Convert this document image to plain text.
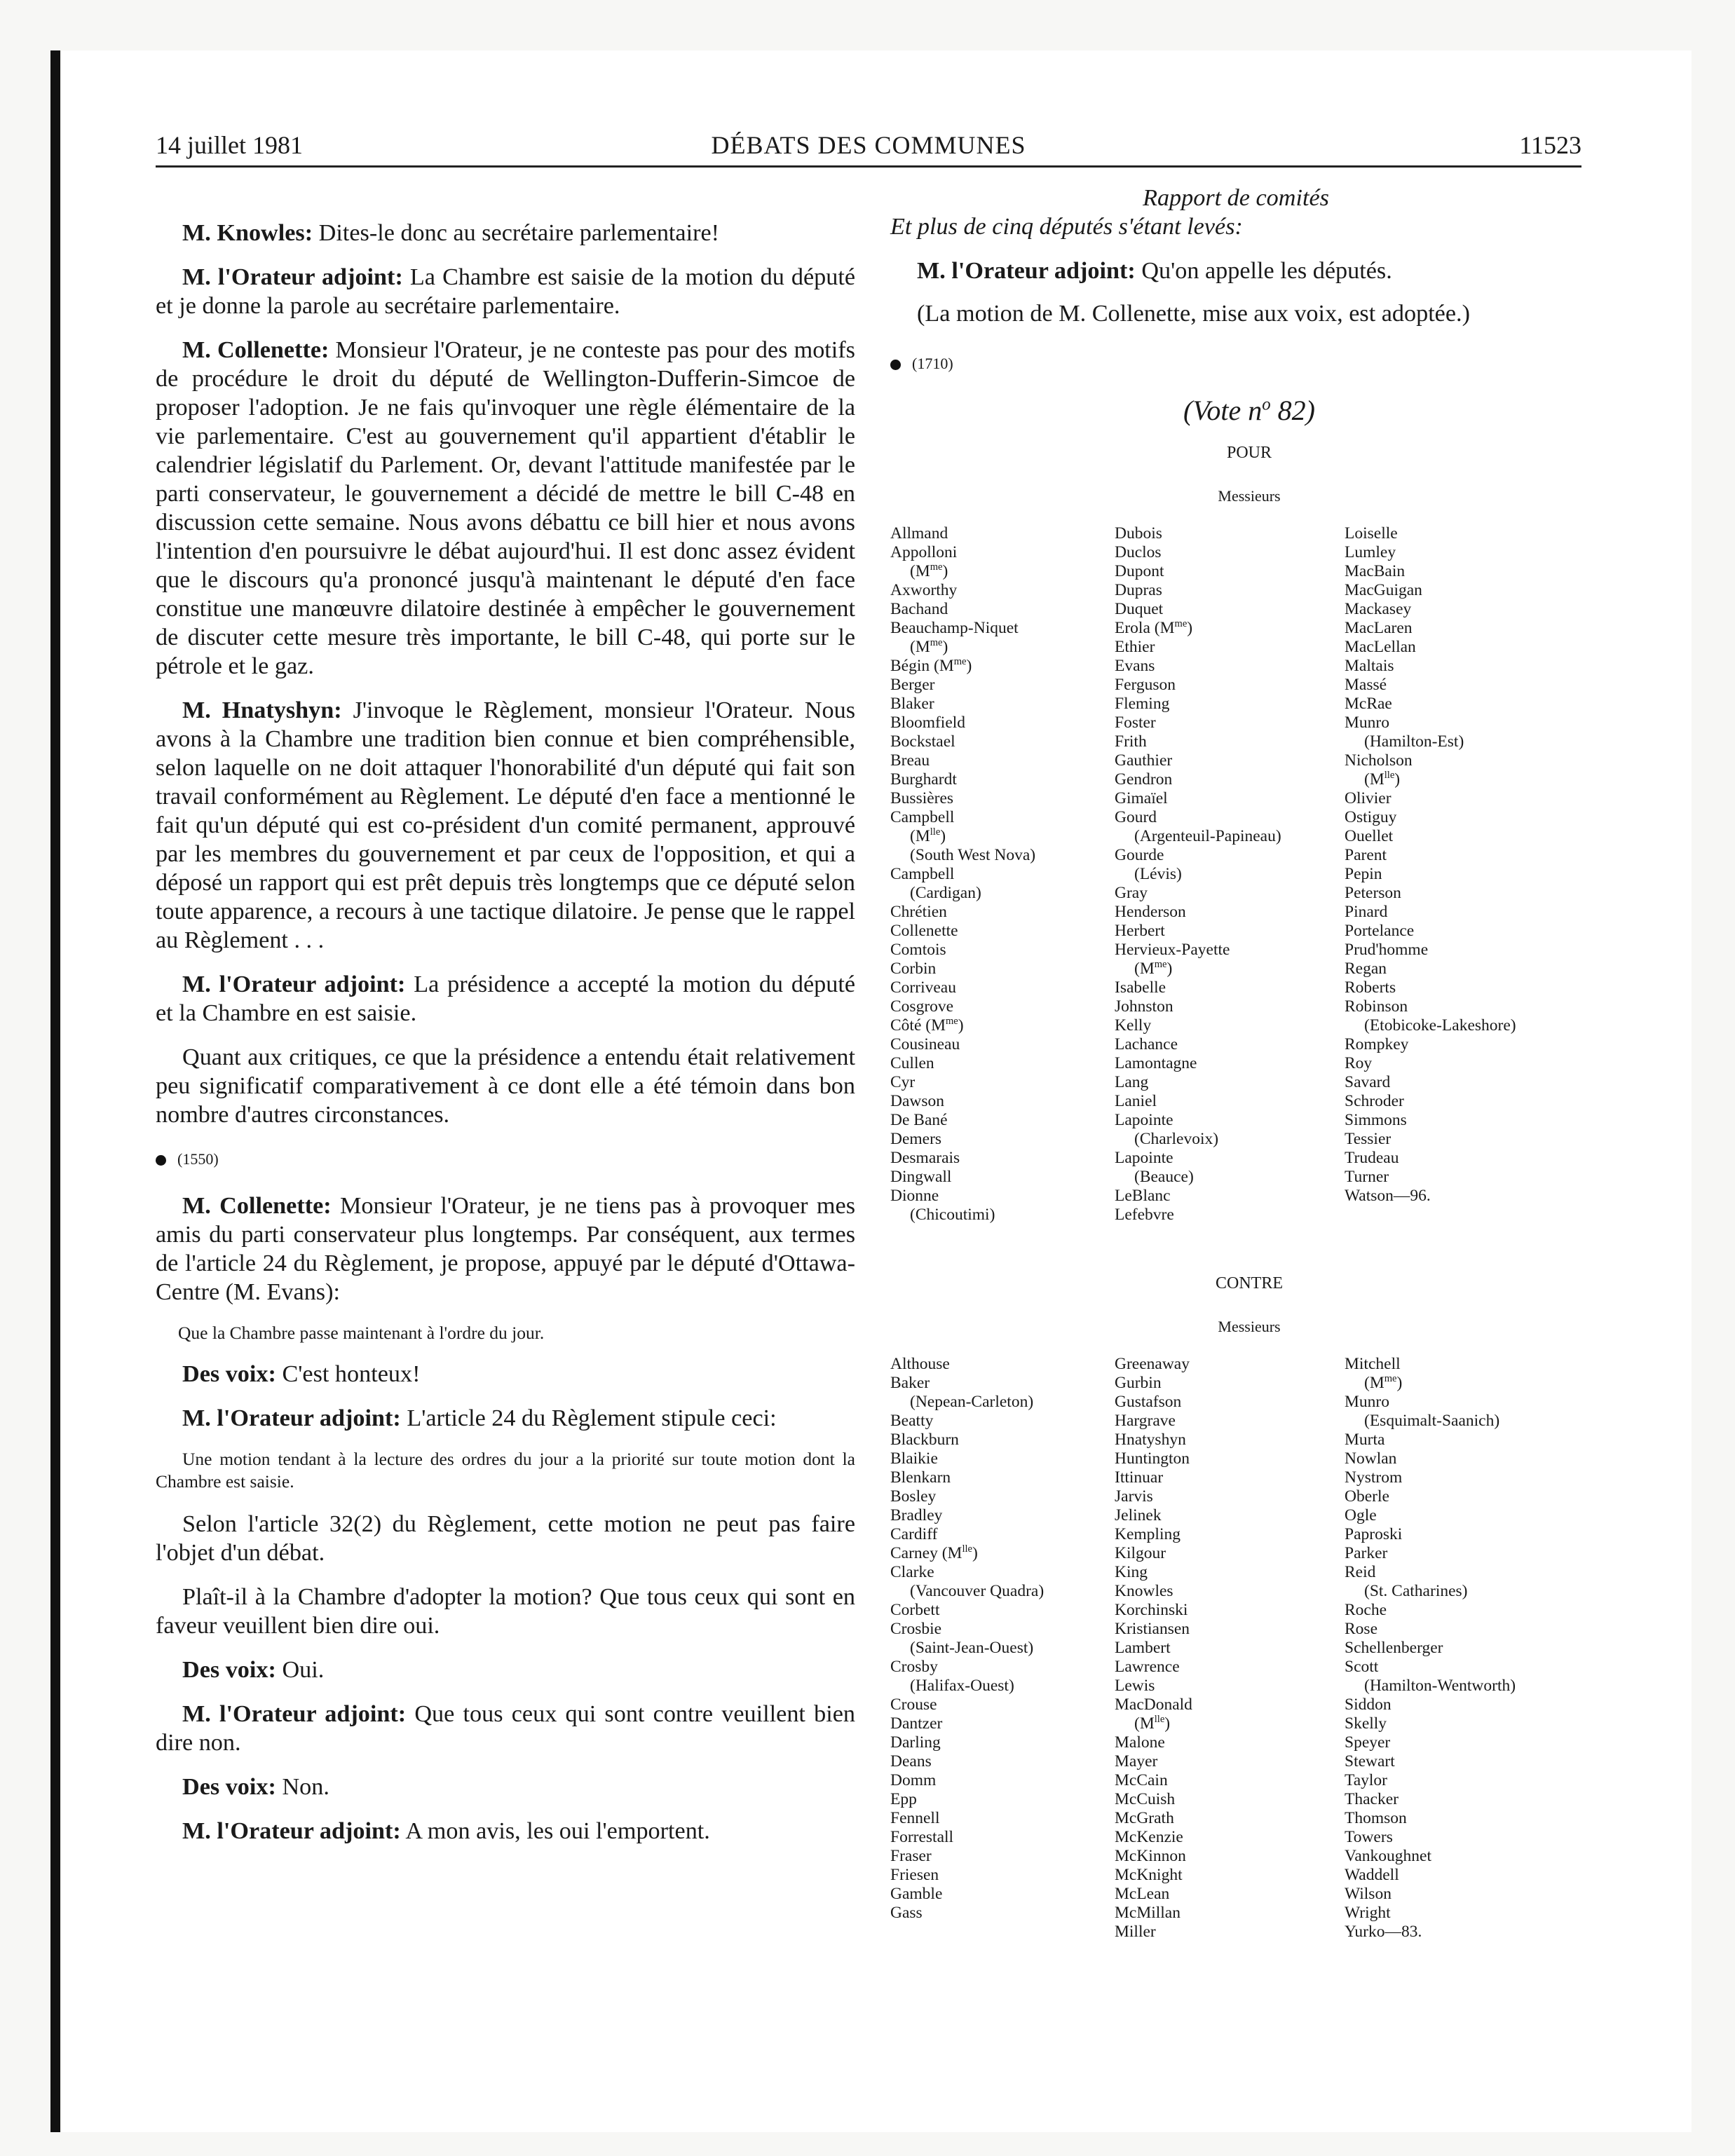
14 juillet 1981	DÉBATS DES COMMUNES	11523

M. Knowles: Dites-le donc au secrétaire parlementaire!

M. l'Orateur adjoint: La Chambre est saisie de la motion du député et je donne la parole au secrétaire parlementaire.

M. Collenette: Monsieur l'Orateur, je ne conteste pas pour des motifs de procédure le droit du député de Wellington-Dufferin-Simcoe de proposer l'adoption. Je ne fais qu'invoquer une règle élémentaire de la vie parlementaire. C'est au gouvernement qu'il appartient d'établir le calendrier législatif du Parlement. Or, devant l'attitude manifestée par le parti conservateur, le gouvernement a décidé de mettre le bill C-48 en discussion cette semaine. Nous avons débattu ce bill hier et nous avons l'intention d'en poursuivre le débat aujourd'hui. Il est donc assez évident que le discours qu'a prononcé jusqu'à maintenant le député d'en face constitue une manœuvre dilatoire destinée à empêcher le gouvernement de discuter cette mesure très importante, le bill C-48, qui porte sur le pétrole et le gaz.

M. Hnatyshyn: J'invoque le Règlement, monsieur l'Orateur. Nous avons à la Chambre une tradition bien connue et bien compréhensible, selon laquelle on ne doit attaquer l'honorabilité d'un député qui fait son travail conformément au Règlement. Le député d'en face a mentionné le fait qu'un député qui est co-président d'un comité permanent, approuvé par les membres du gouvernement et par ceux de l'opposition, et qui a déposé un rapport qui est prêt depuis très longtemps que ce député selon toute apparence, a recours à une tactique dilatoire. Je pense que le rappel au Règlement . . .

M. l'Orateur adjoint: La présidence a accepté la motion du député et la Chambre en est saisie.

Quant aux critiques, ce que la présidence a entendu était relativement peu significatif comparativement à ce dont elle a été témoin dans bon nombre d'autres circonstances.

(1550)

M. Collenette: Monsieur l'Orateur, je ne tiens pas à provoquer mes amis du parti conservateur plus longtemps. Par conséquent, aux termes de l'article 24 du Règlement, je propose, appuyé par le député d'Ottawa-Centre (M. Evans):

Que la Chambre passe maintenant à l'ordre du jour.

Des voix: C'est honteux!

M. l'Orateur adjoint: L'article 24 du Règlement stipule ceci:

Une motion tendant à la lecture des ordres du jour a la priorité sur toute motion dont la Chambre est saisie.

Selon l'article 32(2) du Règlement, cette motion ne peut pas faire l'objet d'un débat.

Plaît-il à la Chambre d'adopter la motion? Que tous ceux qui sont en faveur veuillent bien dire oui.

Des voix: Oui.

M. l'Orateur adjoint: Que tous ceux qui sont contre veuillent bien dire non.

Des voix: Non.

M. l'Orateur adjoint: A mon avis, les oui l'emportent.

Rapport de comités

Et plus de cinq députés s'étant levés:

M. l'Orateur adjoint: Qu'on appelle les députés.

(La motion de M. Collenette, mise aux voix, est adoptée.)

(1710)

(Vote $n^o$ 82)

POUR

Messieurs

Allmand
Appolloni
$(M^{me})$
Axworthy
Bachand
Beauchamp-Niquet
$(M^{me})$
Bégin $(M^{me})$
Berger
Blaker
Bloomfield
Bockstael
Breau
Burghardt
Bussières
Campbell
$(M^{lle})$
(South West Nova)
Campbell
(Cardigan)
Chrétien
Collenette
Comtois
Corbin
Corriveau
Cosgrove
Côté $(M^{me})$
Cousineau
Cullen
Cyr
Dawson
De Bané
Demers
Desmarais
Dingwall
Dionne
(Chicoutimi)
Dubois
Duclos
Dupont
Dupras
Duquet
Erola $(M^{me})$
Ethier
Evans
Ferguson
Fleming
Foster
Frith
Gauthier
Gendron
Gimaïel
Gourd
(Argenteuil-Papineau)
Gourde
(Lévis)
Gray
Henderson
Herbert
Hervieux-Payette
$(M^{me})$
Isabelle
Johnston
Kelly
Lachance
Lamontagne
Lang
Laniel
Lapointe
(Charlevoix)
Lapointe
(Beauce)
LeBlanc
Lefebvre
Loiselle
Lumley
MacBain
MacGuigan
Mackasey
MacLaren
MacLellan
Maltais
Massé
McRae
Munro
(Hamilton-Est)
Nicholson
$(M^{lle})$
Olivier
Ostiguy
Ouellet
Parent
Pepin
Peterson
Pinard
Portelance
Prud'homme
Regan
Roberts
Robinson
(Etobicoke-Lakeshore)
Rompkey
Roy
Savard
Schroder
Simmons
Tessier
Trudeau
Turner
Watson—96.

CONTRE

Messieurs

Althouse
Baker
(Nepean-Carleton)
Beatty
Blackburn
Blaikie
Blenkarn
Bosley
Bradley
Cardiff
Carney $(M^{lle})$
Clarke
(Vancouver Quadra)
Corbett
Crosbie
(Saint-Jean-Ouest)
Crosby
(Halifax-Ouest)
Crouse
Dantzer
Darling
Deans
Domm
Epp
Fennell
Forrestall
Fraser
Friesen
Gamble
Gass
Greenaway
Gurbin
Gustafson
Hargrave
Hnatyshyn
Huntington
Ittinuar
Jarvis
Jelinek
Kempling
Kilgour
King
Knowles
Korchinski
Kristiansen
Lambert
Lawrence
Lewis
MacDonald
$(M^{lle})$
Malone
Mayer
McCain
McCuish
McGrath
McKenzie
McKinnon
McKnight
McLean
McMillan
Miller
Mitchell
$(M^{me})$
Munro
(Esquimalt-Saanich)
Murta
Nowlan
Nystrom
Oberle
Ogle
Paproski
Parker
Reid
(St. Catharines)
Roche
Rose
Schellenberger
Scott
(Hamilton-Wentworth)
Siddon
Skelly
Speyer
Stewart
Taylor
Thacker
Thomson
Towers
Vankoughnet
Waddell
Wilson
Wright
Yurko—83.
